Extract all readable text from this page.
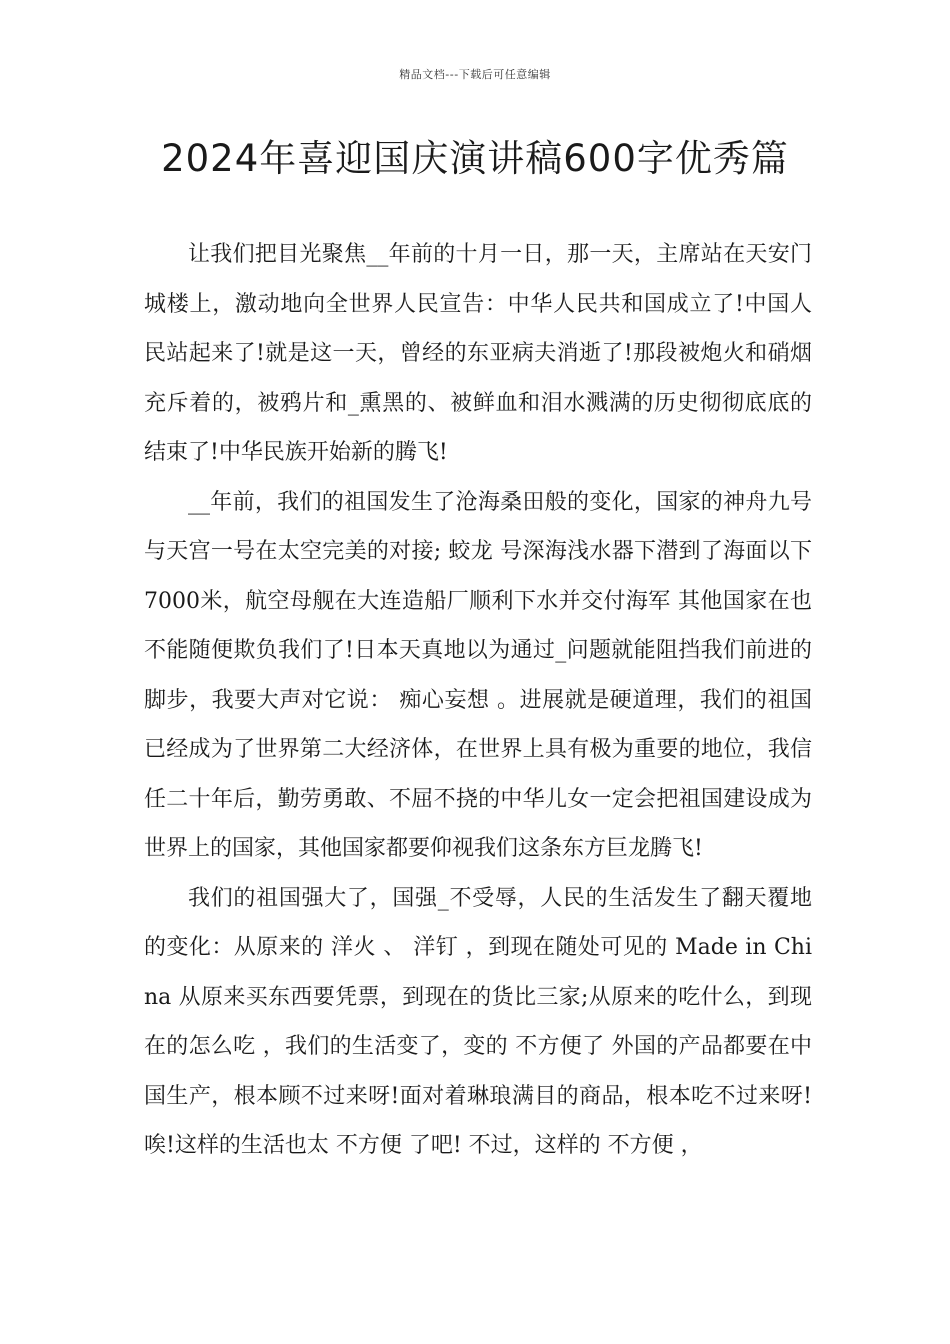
精品文档---下载后可任意编辑
2024年喜迎国庆演讲稿600字优秀篇

让我们把目光聚焦__年前的十月一日，那一天，主席站在天安门城楼上，激动地向全世界人民宣告：中华人民共和国成立了!中国人民站起来了!就是这一天，曾经的东亚病夫消逝了!那段被炮火和硝烟充斥着的，被鸦片和_熏黑的、被鲜血和泪水溅满的历史彻彻底底的结束了!中华民族开始新的腾飞!

__年前，我们的祖国发生了沧海桑田般的变化，国家的神舟九号与天宫一号在太空完美的对接; 蛟龙 号深海浅水器下潜到了海面以下7000米，航空母舰在大连造船厂顺利下水并交付海军 其他国家在也不能随便欺负我们了!日本天真地以为通过_问题就能阻挡我们前进的脚步，我要大声对它说： 痴心妄想 。进展就是硬道理，我们的祖国已经成为了世界第二大经济体，在世界上具有极为重要的地位，我信任二十年后，勤劳勇敢、不屈不挠的中华儿女一定会把祖国建设成为世界上的国家，其他国家都要仰视我们这条东方巨龙腾飞!

我们的祖国强大了，国强_不受辱，人民的生活发生了翻天覆地的变化：从原来的 洋火 、 洋钉 ，到现在随处可见的 Made in China 从原来买东西要凭票，到现在的货比三家;从原来的吃什么，到现在的怎么吃 ，我们的生活变了，变的 不方便了 外国的产品都要在中国生产，根本顾不过来呀!面对着琳琅满目的商品，根本吃不过来呀! 唉!这样的生活也太 不方便 了吧! 不过，这样的 不方便 ，
